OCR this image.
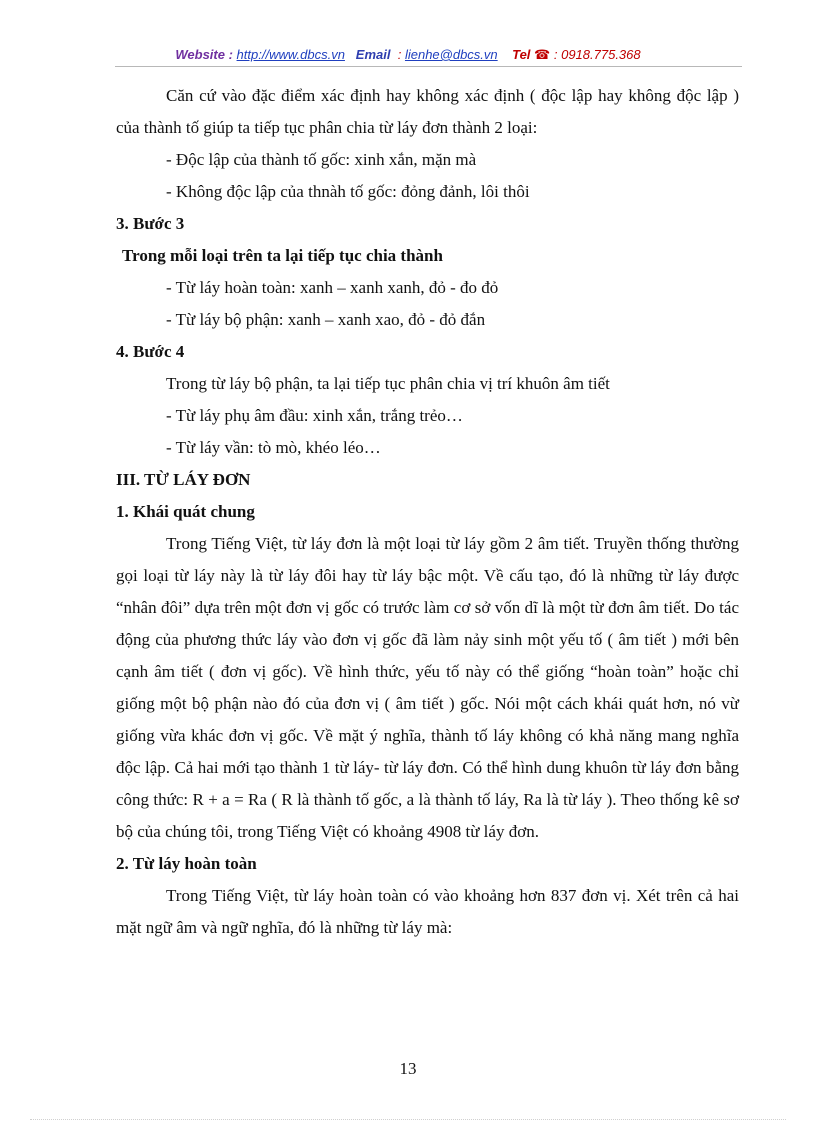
Website : http://www.dbcs.vn Email : lienhe@dbcs.vn Tel ☎ : 0918.775.368

Căn cứ vào đặc điểm xác định hay không xác định ( độc lập hay không độc lập ) của thành tố giúp ta tiếp tục phân chia từ láy đơn thành 2 loại:

- Độc lập của thành tố gốc: xinh xắn, mặn mà

- Không độc lập của thnàh tố gốc: đỏng đảnh, lôi thôi

3. Bước 3

Trong mỗi loại trên ta lại tiếp tục chia thành

- Từ láy hoàn toàn: xanh – xanh xanh, đỏ - đo đỏ

- Từ láy bộ phận: xanh – xanh xao, đỏ - đỏ đắn

4. Bước 4

Trong từ láy bộ phận, ta lại tiếp tục phân chia vị trí khuôn âm tiết

- Từ láy phụ âm đầu: xinh xắn, trắng trẻo…

- Từ láy vần: tò mò, khéo léo…

III. TỪ LÁY ĐƠN

1. Khái quát chung

Trong Tiếng Việt, từ láy đơn là một loại từ láy gồm 2 âm tiết. Truyền thống thường gọi loại từ láy này là từ láy đôi hay từ láy bậc một. Về cấu tạo, đó là những từ láy được “nhân đôi” dựa trên một đơn vị gốc có trước làm cơ sở vốn dĩ là một từ đơn âm tiết. Do tác động của phương thức láy vào đơn vị gốc đã làm nảy sinh một yếu tố ( âm tiết ) mới bên cạnh âm tiết ( đơn vị gốc). Về hình thức, yếu tố này có thể giống “hoàn toàn” hoặc chỉ giống một bộ phận nào đó của đơn vị ( âm tiết ) gốc. Nói một cách khái quát hơn, nó vừ giống vừa khác đơn vị gốc. Về mặt ý nghĩa, thành tố láy không có khả năng mang nghĩa độc lập. Cả hai mới tạo thành 1 từ láy- từ láy đơn. Có thể hình dung khuôn từ láy đơn bằng công thức: R + a = Ra ( R là thành tố gốc, a là thành tố láy, Ra là từ láy ). Theo thống kê sơ bộ của chúng tôi, trong Tiếng Việt có khoảng 4908 từ láy đơn.

2. Từ láy hoàn toàn

Trong Tiếng Việt, từ láy hoàn toàn có vào khoảng hơn 837 đơn vị. Xét trên cả hai mặt ngữ âm và ngữ nghĩa, đó là những từ láy mà:

13
